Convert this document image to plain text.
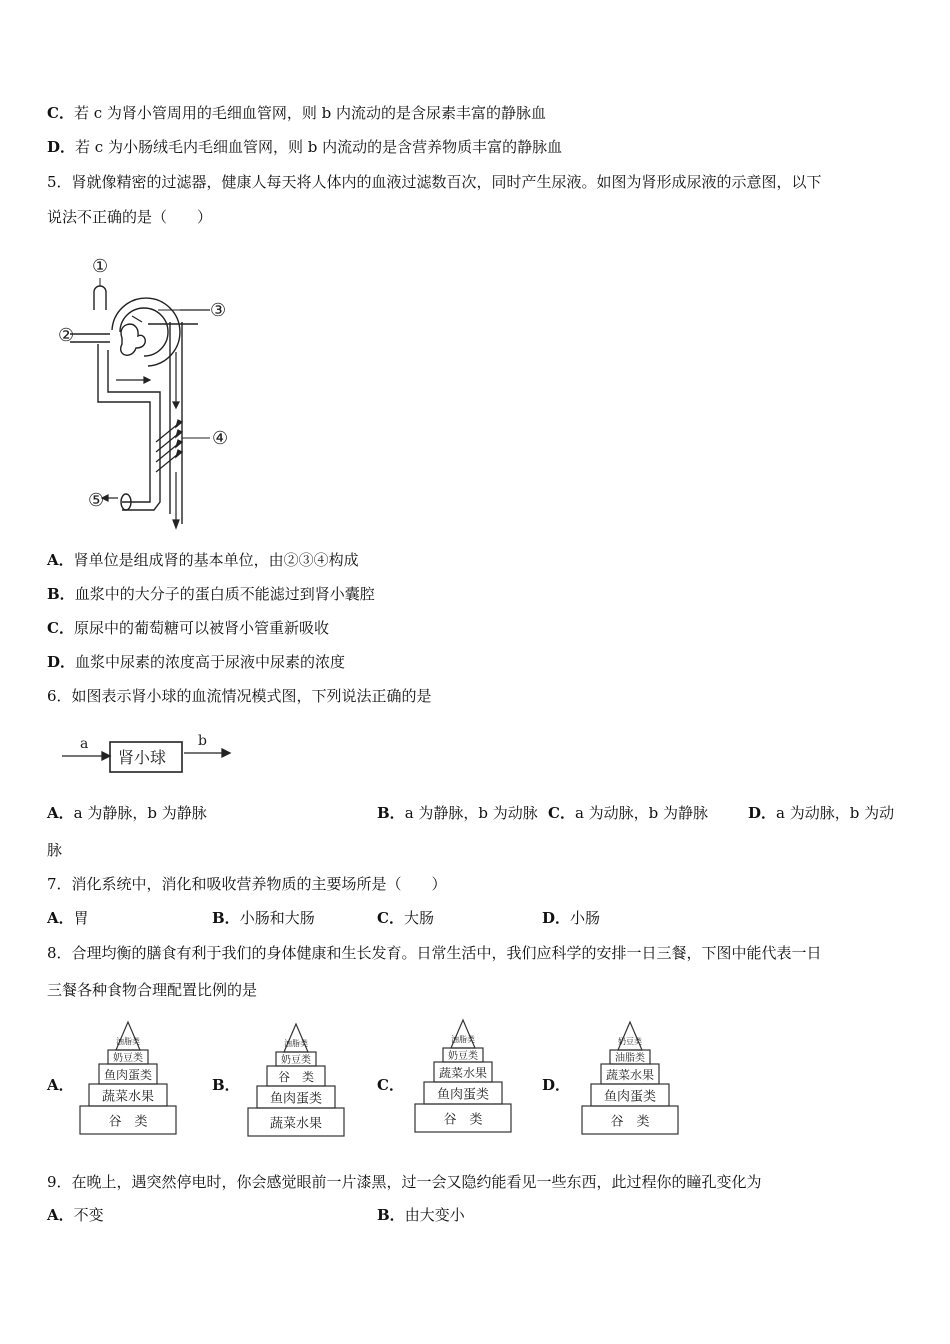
C．若 c 为肾小管周用的毛细血管网，则 b 内流动的是含尿素丰富的静脉血
D．若 c 为小肠绒毛内毛细血管网，则 b 内流动的是含营养物质丰富的静脉血
5．肾就像精密的过滤器，健康人每天将人体内的血液过滤数百次，同时产生尿液。如图为肾形成尿液的示意图，以下
说法不正确的是（　　）
①
②
③
④
⑤
A．肾单位是组成肾的基本单位，由②③④构成
B．血浆中的大分子的蛋白质不能滤过到肾小囊腔
C．原尿中的葡萄糖可以被肾小管重新吸收
D．血浆中尿素的浓度高于尿液中尿素的浓度
6．如图表示肾小球的血流情况模式图，下列说法正确的是
a
肾小球
b
A．a 为静脉，b 为静脉	B．a 为静脉，b 为动脉 C．a 为动脉，b 为静脉	D．a 为动脉，b 为动
脉
7．消化系统中，消化和吸收营养物质的主要场所是（　　）
A．胃	B．小肠和大肠	C．大肠	D．小肠
8．合理均衡的膳食有利于我们的身体健康和生长发育。日常生活中，我们应科学的安排一日三餐，下图中能代表一日
三餐各种食物合理配置比例的是
A．	B．	C．	D．
油脂类
奶豆类
鱼肉蛋类
蔬菜水果
谷　类
油脂类
奶豆类
谷　类
鱼肉蛋类
蔬菜水果
油脂类
奶豆类
蔬菜水果
鱼肉蛋类
谷　类
奶豆类
油脂类
蔬菜水果
鱼肉蛋类
谷　类
9．在晚上，遇突然停电时，你会感觉眼前一片漆黑，过一会又隐约能看见一些东西，此过程你的瞳孔变化为
A．不变	B．由大变小
